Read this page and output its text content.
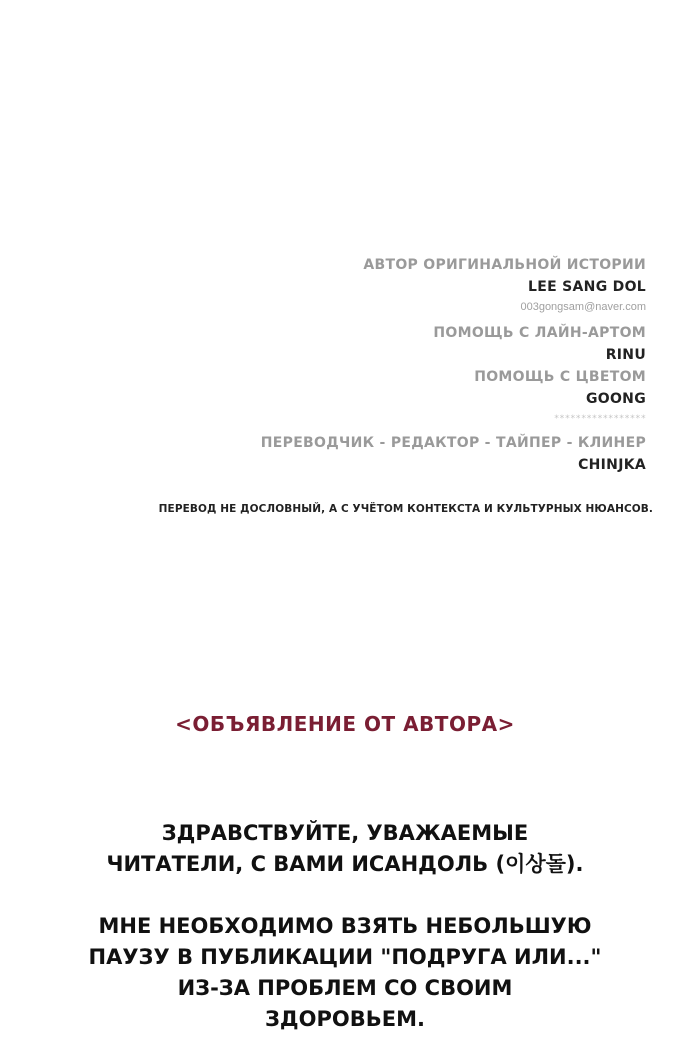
АВТОР ОРИГИНАЛЬНОЙ ИСТОРИИ
LEE SANG DOL
003gongsam@naver.com
ПОМОЩЬ С ЛАЙН-АРТОМ
RINU
ПОМОЩЬ С ЦВЕТОМ
GOONG
*****************
ПЕРЕВОДЧИК - РЕДАКТОР - ТАЙПЕР - КЛИНЕР
CHINJKA
ПЕРЕВОД НЕ ДОСЛОВНЫЙ, А С УЧЁТОМ КОНТЕКСТА И КУЛЬТУРНЫХ НЮАНСОВ.
<ОБЪЯВЛЕНИЕ ОТ АВТОРА>
ЗДРАВСТВУЙТЕ, УВАЖАЕМЫЕ
ЧИТАТЕЛИ, С ВАМИ ИСАНДОЛЬ (이상돌).
МНЕ НЕОБХОДИМО ВЗЯТЬ НЕБОЛЬШУЮ
ПАУЗУ В ПУБЛИКАЦИИ "ПОДРУГА ИЛИ..."
ИЗ-ЗА ПРОБЛЕМ СО СВОИМ
ЗДОРОВЬЕМ.
